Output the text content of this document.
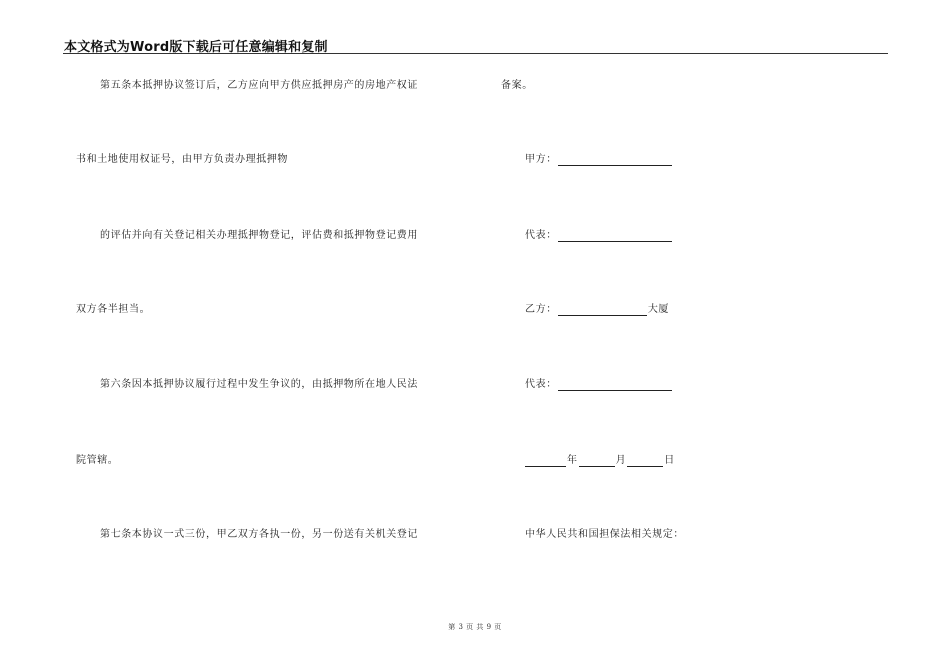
本文格式为Word版下载后可任意编辑和复制
第五条本抵押协议签订后，乙方应向甲方供应抵押房产的房地产权证
书和土地使用权证号，由甲方负责办理抵押物
的评估并向有关登记相关办理抵押物登记，评估费和抵押物登记费用
双方各半担当。
第六条因本抵押协议履行过程中发生争议的，由抵押物所在地人民法
院管辖。
第七条本协议一式三份，甲乙双方各执一份，另一份送有关机关登记
备案。
甲方：
代表：
乙方：	大厦
代表：
年	月	日
中华人民共和国担保法相关规定：
第 3 页 共 9 页
